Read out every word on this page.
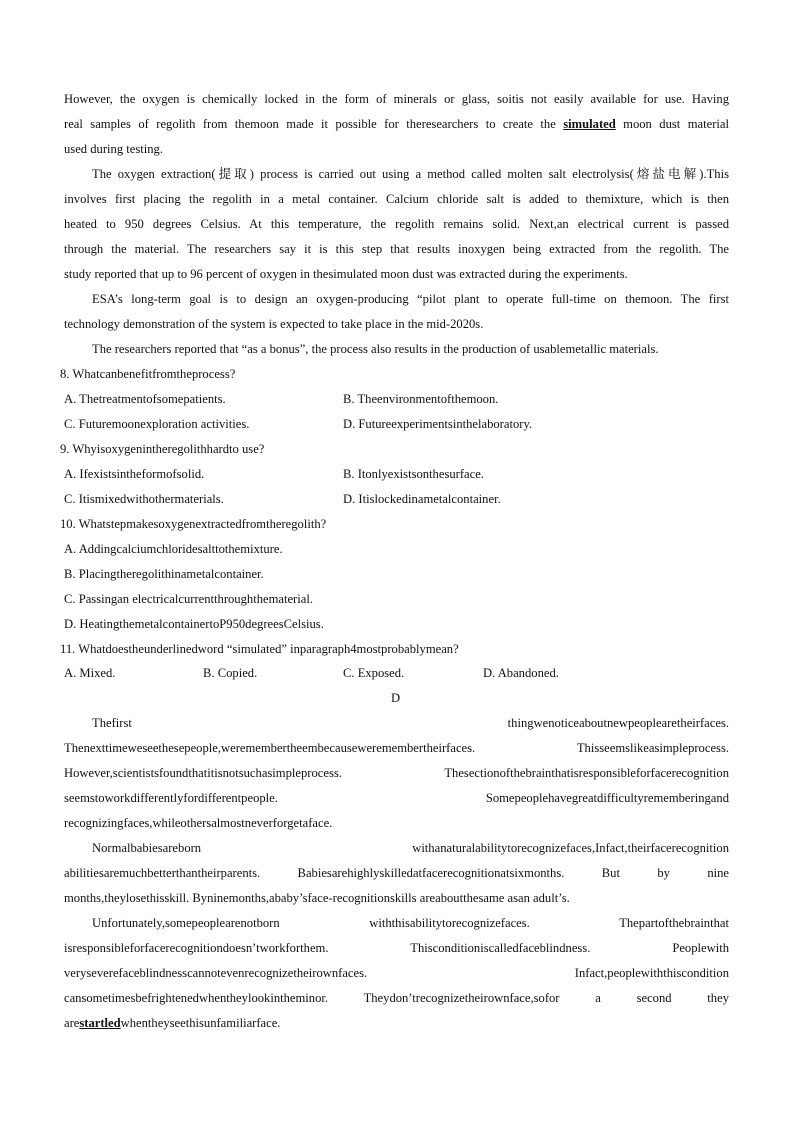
However, the oxygen is chemically locked in the form of minerals or glass, soitis not easily available for use. Having
real samples of regolith from themoon made it possible for theresearchers to create the simulated moon dust material
used during testing.
The oxygen extraction(提取) process is carried out using a method called molten salt electrolysis(熔盐电解).This
involves first placing the regolith in a metal container. Calcium chloride salt is added to themixture, which is then
heated to 950 degrees Celsius. At this temperature, the regolith remains solid. Next,an electrical current is passed
through the material. The researchers say it is this step that results inoxygen being extracted from the regolith. The
study reported that up to 96 percent of oxygen in thesimulated moon dust was extracted during the experiments.
ESA’s long-term goal is to design an oxygen-producing “pilot plant to operate full-time on themoon. The first
technology demonstration of the system is expected to take place in the mid-2020s.
The researchers reported that “as a bonus”, the process also results in the production of usablemetallic materials.
8. Whatcanbenefitfromtheprocess?
A. Thetreatmentofsomepatients.	B. Theenvironmentofthemoon.
C. Futuremoonexploration activities.	D. Futureexperimentsinthelaboratory.
9. Whyisoxygenintheregolithhardto use?
A. Ifexistsintheformofsolid.	B. Itonlyexistsonthesurface.
C. Itismixedwithothermaterials.	D. Itislockedinametalcontainer.
10. Whatstepmakesoxygenextractedfromtheregolith?
A. Addingcalciumchloridesalttothemixture.
B. Placingtheregolithinametalcontainer.
C. Passingan electricalcurrentthroughthematerial.
D. HeatingthemetalcontainertoP950degreesCelsius.
11. Whatdoestheunderlinedword “simulated” inparagraph4mostprobablymean?
A. Mixed.	B. Copied.	C. Exposed.	D. Abandoned.
D
Thefirst thingwenoticeaboutnewpeoplearetheirfaces.
Thenexttimeweseethesepeople,weremembertheembecauseweremembertheirfaces. Thisseemslikeasimpleprocess.
However,scientistsfoundthatitisnotsuchasimpleprocess. Thesectionofthebrainthatisresponsibleforfacerecognition
seemstoworkdifferentlyfordifferentpeople. Somepeoplehavegreatdifficultyrememberingand
recognizingfaces,whileothersalmostneverforgetaface.
Normalbabiesareborn withanaturalabilitytorecognizefaces,Infact,theirfacerecognition
abilitiesaremuchbetterthantheirparents. Babiesarehighlyskilledatfacerecognitionatsixmonths. But by nine
months,theylosethisskill. Byninemonths,ababy’sface-recognitionskills areaboutthesame asan adult’s.
Unfortunately,somepeoplearenotborn withthisabilitytorecognizefaces. Thepartofthebrainthat
isresponsibleforfacerecognitiondoesn’tworkforthem. Thisconditioniscalledfaceblindness. Peoplewith
veryseverefaceblindnesscannotevenrecognizetheirownfaces. Infact,peoplewiththiscondition
cansometimesbefrightenedwhentheylookintheminor. Theydon’trecognizetheirownface,sofor a second they
arestartledwhentheyseethisunfamiliarface.
